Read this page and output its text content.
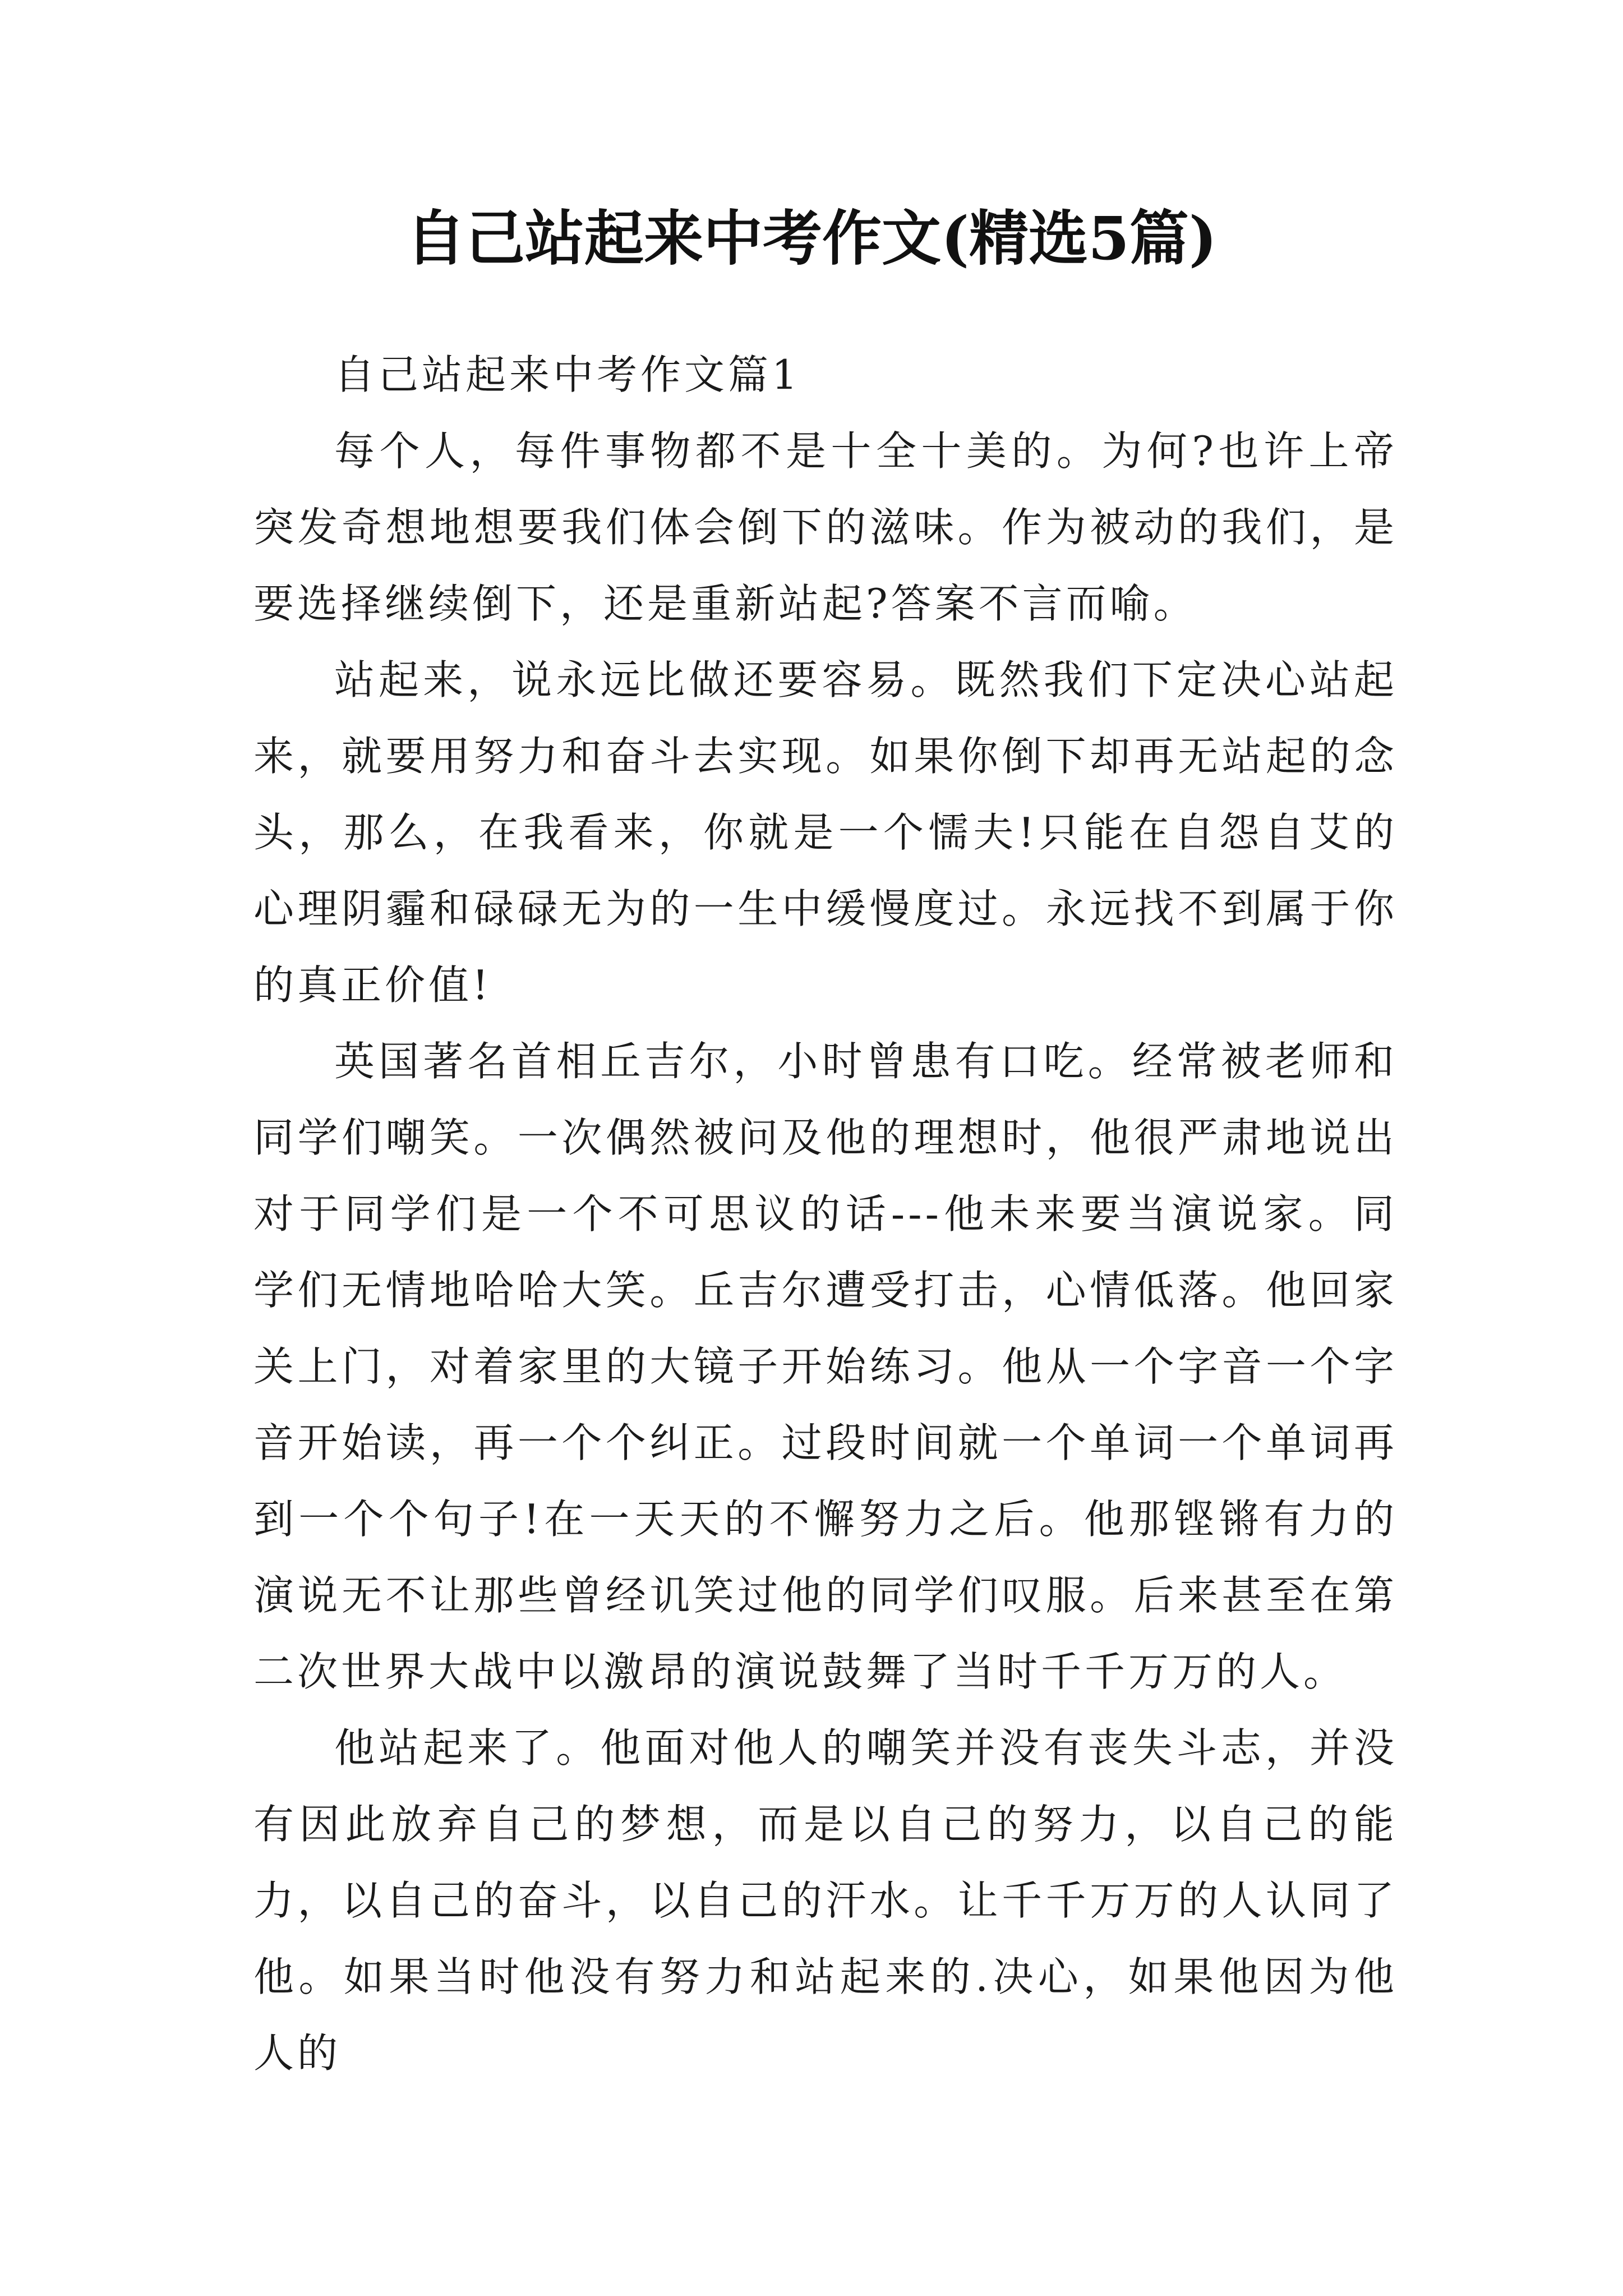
自己站起来中考作文(精选5篇)

自己站起来中考作文篇1

每个人，每件事物都不是十全十美的。为何?也许上帝突发奇想地想要我们体会倒下的滋味。作为被动的我们，是要选择继续倒下，还是重新站起?答案不言而喻。

站起来，说永远比做还要容易。既然我们下定决心站起来，就要用努力和奋斗去实现。如果你倒下却再无站起的念头，那么，在我看来，你就是一个懦夫!只能在自怨自艾的心理阴霾和碌碌无为的一生中缓慢度过。永远找不到属于你的真正价值!

英国著名首相丘吉尔，小时曾患有口吃。经常被老师和同学们嘲笑。一次偶然被问及他的理想时，他很严肃地说出对于同学们是一个不可思议的话---他未来要当演说家。同学们无情地哈哈大笑。丘吉尔遭受打击，心情低落。他回家关上门，对着家里的大镜子开始练习。他从一个字音一个字音开始读，再一个个纠正。过段时间就一个单词一个单词再到一个个句子!在一天天的不懈努力之后。他那铿锵有力的演说无不让那些曾经讥笑过他的同学们叹服。后来甚至在第二次世界大战中以激昂的演说鼓舞了当时千千万万的人。

他站起来了。他面对他人的嘲笑并没有丧失斗志，并没有因此放弃自己的梦想，而是以自己的努力，以自己的能力，以自己的奋斗，以自己的汗水。让千千万万的人认同了他。如果当时他没有努力和站起来的.决心，如果他因为他人的
